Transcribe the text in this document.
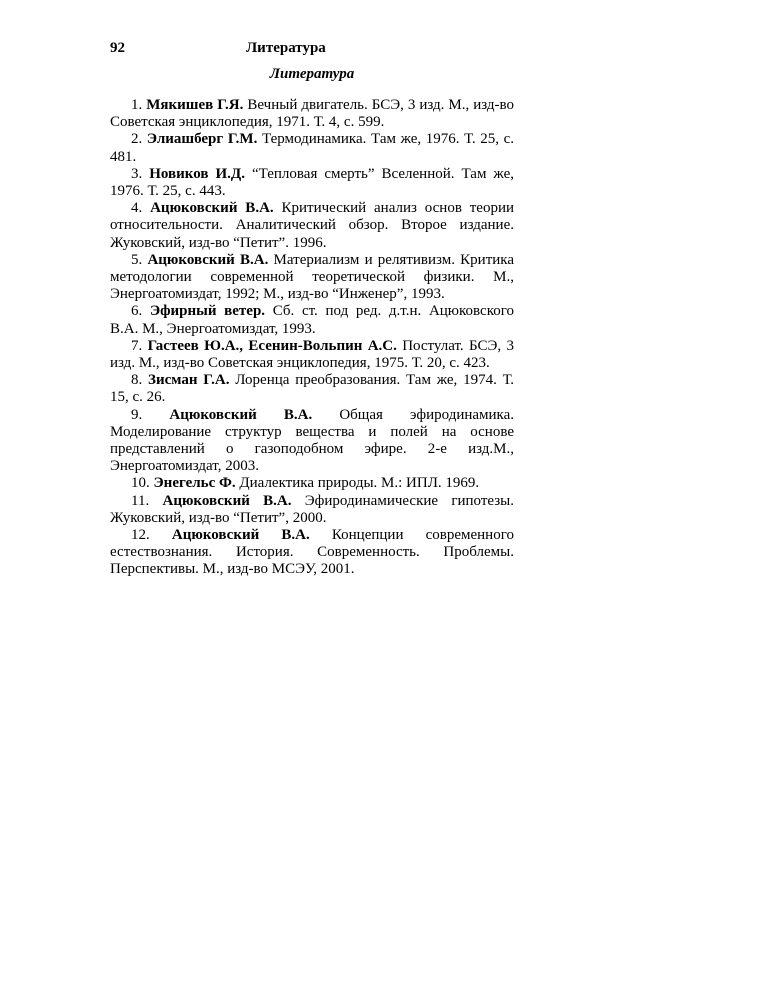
92	Литература
Литература
1. Мякишев Г.Я. Вечный двигатель. БСЭ, 3 изд. М., изд-во Советская энциклопедия, 1971. Т. 4, с. 599.
2. Элиашберг Г.М. Термодинамика. Там же, 1976. Т. 25, с. 481.
3. Новиков И.Д. “Тепловая смерть” Вселенной. Там же, 1976. Т. 25, с. 443.
4. Ацюковский В.А. Критический анализ основ теории относительности. Аналитический обзор. Второе издание. Жуковский, изд-во “Петит”. 1996.
5. Ацюковский В.А. Материализм и релятивизм. Критика методологии современной теоретической физики. М., Энергоатомиздат, 1992; М., изд-во “Инженер”, 1993.
6. Эфирный ветер. Сб. ст. под ред. д.т.н. Ацюковского В.А. М., Энергоатомиздат, 1993.
7. Гастеев Ю.А., Есенин-Вольпин А.С. Постулат. БСЭ, 3 изд. М., изд-во Советская энциклопедия, 1975. Т. 20, с. 423.
8. Зисман Г.А. Лоренца преобразования. Там же, 1974. Т. 15, с. 26.
9. Ацюковский В.А. Общая эфиродинамика. Моделирование структур вещества и полей на основе представлений о газоподобном эфире. 2-е изд.М., Энергоатомиздат, 2003.
10. Энегельс Ф. Диалектика природы. М.: ИПЛ. 1969.
11. Ацюковский В.А. Эфиродинамические гипотезы. Жуковский, изд-во “Петит”, 2000.
12. Ацюковский В.А. Концепции современного естествознания. История. Современность. Проблемы. Перспективы. М., изд-во МСЭУ, 2001.
